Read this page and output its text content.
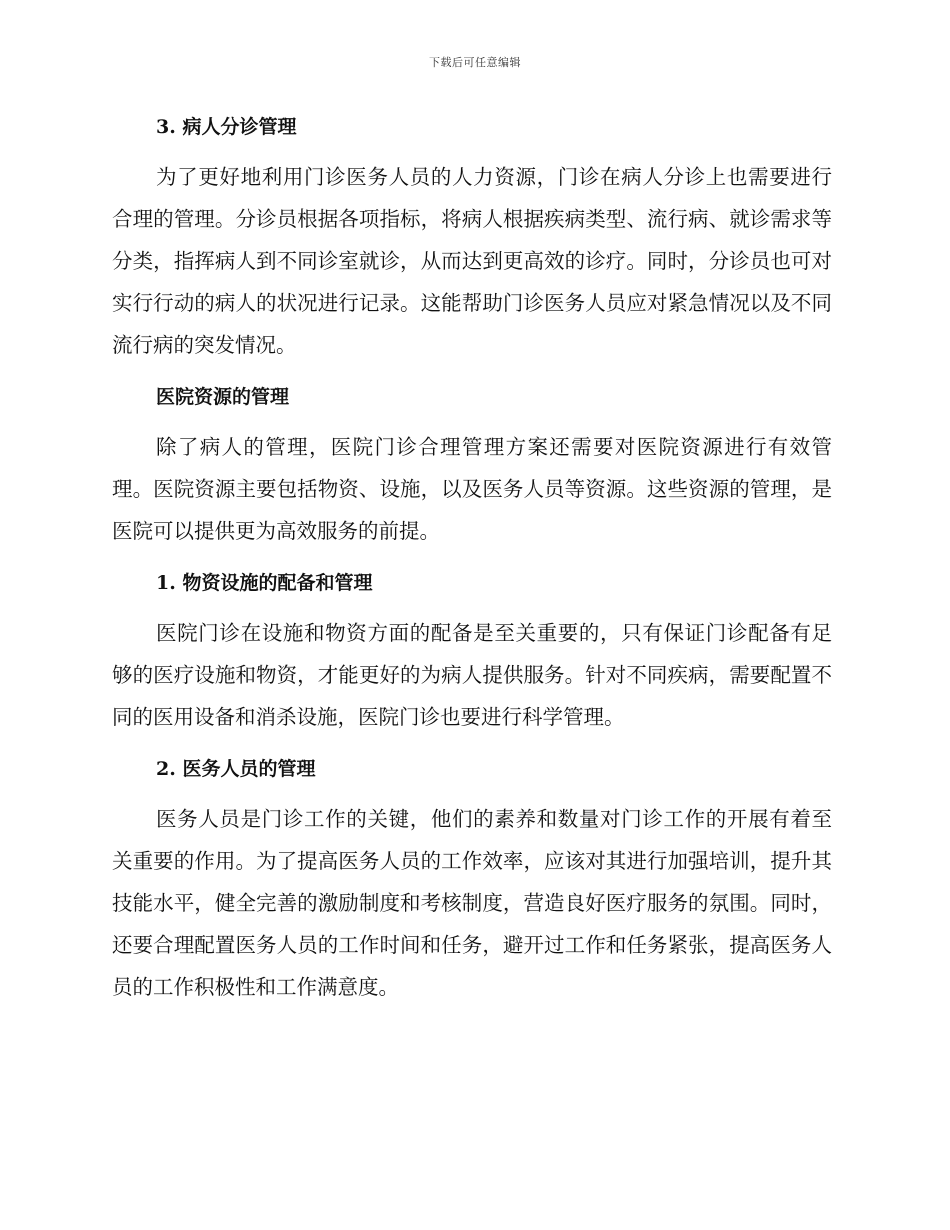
下载后可任意编辑
3. 病人分诊管理

为了更好地利用门诊医务人员的人力资源，门诊在病人分诊上也需要进行合理的管理。分诊员根据各项指标，将病人根据疾病类型、流行病、就诊需求等分类，指挥病人到不同诊室就诊，从而达到更高效的诊疗。同时，分诊员也可对实行行动的病人的状况进行记录。这能帮助门诊医务人员应对紧急情况以及不同流行病的突发情况。

医院资源的管理

除了病人的管理，医院门诊合理管理方案还需要对医院资源进行有效管理。医院资源主要包括物资、设施，以及医务人员等资源。这些资源的管理，是医院可以提供更为高效服务的前提。

1. 物资设施的配备和管理

医院门诊在设施和物资方面的配备是至关重要的，只有保证门诊配备有足够的医疗设施和物资，才能更好的为病人提供服务。针对不同疾病，需要配置不同的医用设备和消杀设施，医院门诊也要进行科学管理。

2. 医务人员的管理

医务人员是门诊工作的关键，他们的素养和数量对门诊工作的开展有着至关重要的作用。为了提高医务人员的工作效率，应该对其进行加强培训，提升其技能水平，健全完善的激励制度和考核制度，营造良好医疗服务的氛围。同时，还要合理配置医务人员的工作时间和任务，避开过工作和任务紧张，提高医务人员的工作积极性和工作满意度。
